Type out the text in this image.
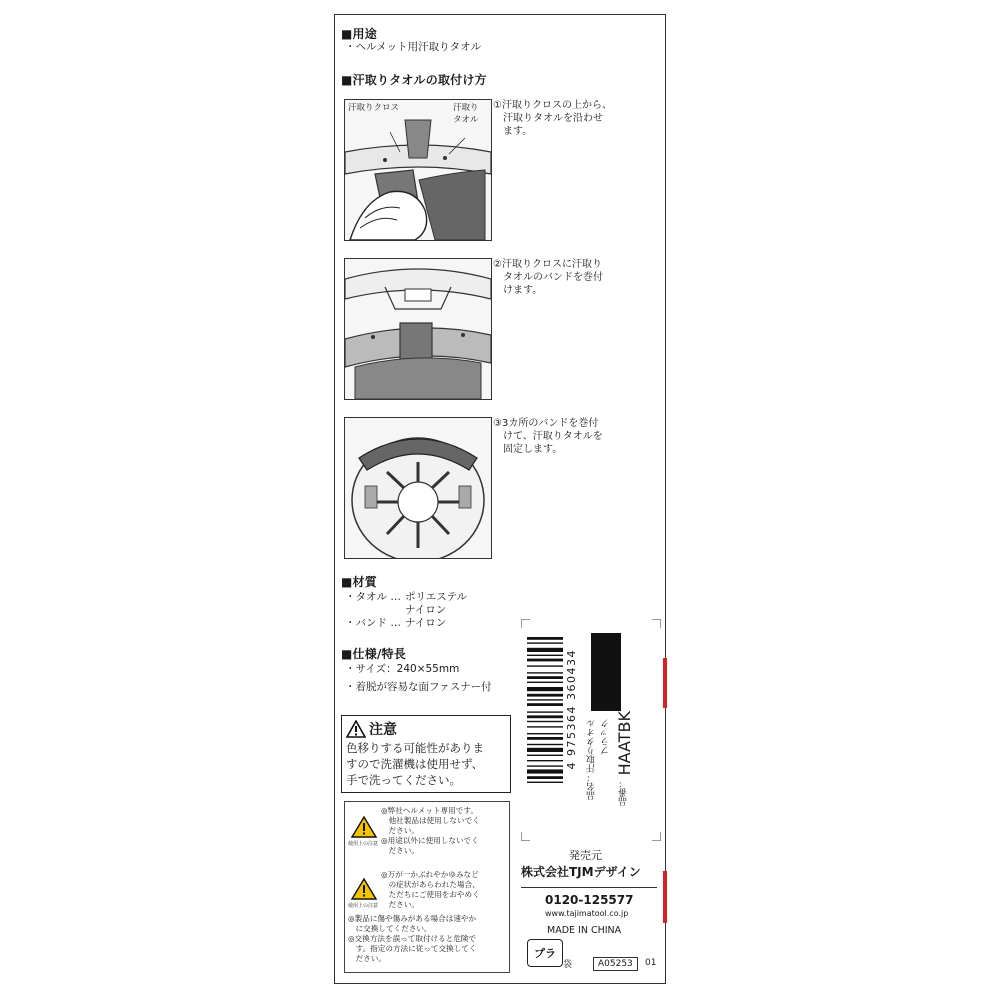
■用途
・ヘルメット用汗取りタオル
■汗取りタオルの取付け方
汗取りクロス	汗取り
タオル
①汗取りクロスの上から、
　汗取りタオルを沿わせ
　ます。
②汗取りクロスに汗取り
　タオルのバンドを巻付
　けます。
③3カ所のバンドを巻付
　けて、汗取りタオルを
　固定します。
■材質
・タオル … ポリエステル
ナイロン
・バンド … ナイロン
■仕様/特長
・サイズ：240×55mm
・着脱が容易な面ファスナー付
注意
色移りする可能性がありま
すので洗濯機は使用せず、
手で洗ってください。
使用上の注意
使用上の注意
◎弊社ヘルメット専用です。
　他社製品は使用しないでく
　ださい。
◎用途以外に使用しないでく
　ださい。
◎万が一かぶれやかゆみなど
　の症状があらわれた場合、
　ただちにご使用をおやめく
　ださい。
◎製品に傷や傷みがある場合は速やか
　に交換してください。
◎交換方法を誤って取付けると危険で
　す。指定の方法に従って交換してく
　ださい。
4 975364 360434 品名：汗取りタオル ブラック
品番：
HAATBK
発売元
株式会社TJMデザイン
0120-125577
www.tajimatool.co.jp
MADE IN CHINA
プラ
袋	A05253	01
